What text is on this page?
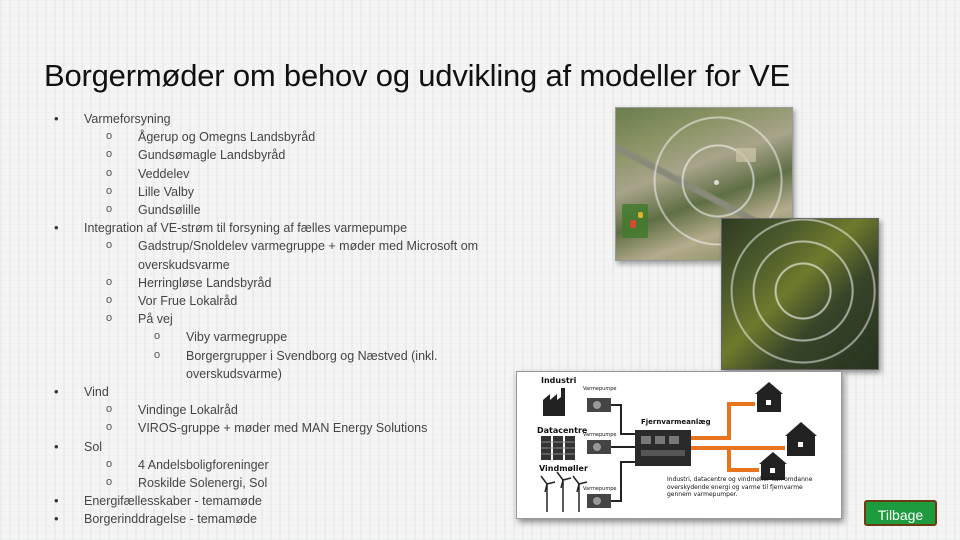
Borgermøder om behov og udvikling af modeller for VE
• Varmeforsyning
o Ågerup og Omegns Landsbyråd
o Gundsømagle Landsbyråd
o Veddelev
o Lille Valby
o Gundsølille
• Integration af VE-strøm til forsyning af fælles varmepumpe
o Gadstrup/Snoldelev varmegruppe + møder med Microsoft om overskudsvarme
o Herringløse Landsbyråd
o Vor Frue Lokalråd
o På vej
o Viby varmegruppe
o Borgergrupper i Svendborg og Næstved (inkl. overskudsvarme)
• Vind
o Vindinge Lokalråd
o VIROS-gruppe + møder med MAN Energy Solutions
• Sol
o 4 Andelsboligforeninger
o Roskilde Solenergi, Sol
• Energifællesskaber - temamøde
• Borgerinddragelse - temamøde
Industri
Varmepumpe
Datacentre
Varmepumpe
Vindmøller
Varmepumpe
Fjernvarmeanlæg
Industri, datacentre og vindmøller kan omdanne overskydende energi og varme til fjernvarme gennem varmepumper.
Tilbage
